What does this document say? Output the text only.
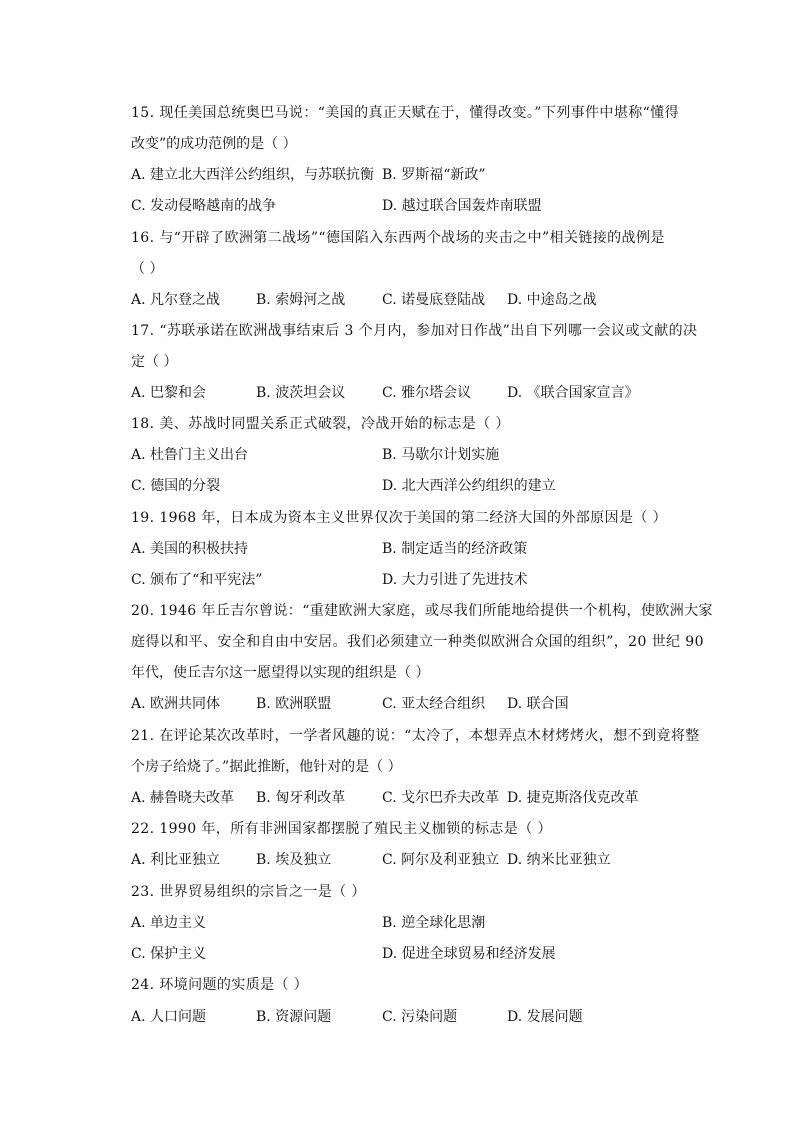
15. 现任美国总统奥巴马说：“美国的真正天赋在于，懂得改变。”下列事件中堪称“懂得
改变”的成功范例的是（ ）
A. 建立北大西洋公约组织，与苏联抗衡 B. 罗斯福“新政”
C. 发动侵略越南的战争	D. 越过联合国轰炸南联盟
16. 与“开辟了欧洲第二战场”“德国陷入东西两个战场的夹击之中”相关链接的战例是
（ ）
A. 凡尔登之战	B. 索姆河之战	C. 诺曼底登陆战 D. 中途岛之战
17. “苏联承诺在欧洲战事结束后 3 个月内，参加对日作战”出自下列哪一会议或文献的决
定（ ）
A. 巴黎和会	B. 波茨坦会议	C. 雅尔塔会议	D. 《联合国家宣言》
18. 美、苏战时同盟关系正式破裂，冷战开始的标志是（ ）
A. 杜鲁门主义出台	B. 马歇尔计划实施
C. 德国的分裂	D. 北大西洋公约组织的建立
19. 1968 年，日本成为资本主义世界仅次于美国的第二经济大国的外部原因是（ ）
A. 美国的积极扶持	B. 制定适当的经济政策
C. 颁布了“和平宪法”	D. 大力引进了先进技术
20. 1946 年丘吉尔曾说：“重建欧洲大家庭，或尽我们所能地给提供一个机构，使欧洲大家
庭得以和平、安全和自由中安居。我们必须建立一种类似欧洲合众国的组织”，20 世纪 90
年代，使丘吉尔这一愿望得以实现的组织是（ ）
A. 欧洲共同体	B. 欧洲联盟	C. 亚太经合组织 D. 联合国
21. 在评论某次改革时，一学者风趣的说：“太冷了，本想弄点木材烤烤火，想不到竟将整
个房子给烧了。”据此推断，他针对的是（ ）
A. 赫鲁晓夫改革 B. 匈牙利改革	C. 戈尔巴乔夫改革 D. 捷克斯洛伐克改革
22. 1990 年，所有非洲国家都摆脱了殖民主义枷锁的标志是（ ）
A. 利比亚独立	B. 埃及独立	C. 阿尔及利亚独立 D. 纳米比亚独立
23. 世界贸易组织的宗旨之一是（ ）
A. 单边主义	B. 逆全球化思潮
C. 保护主义	D. 促进全球贸易和经济发展
24. 环境问题的实质是（ ）
A. 人口问题	B. 资源问题	C. 污染问题	D. 发展问题
